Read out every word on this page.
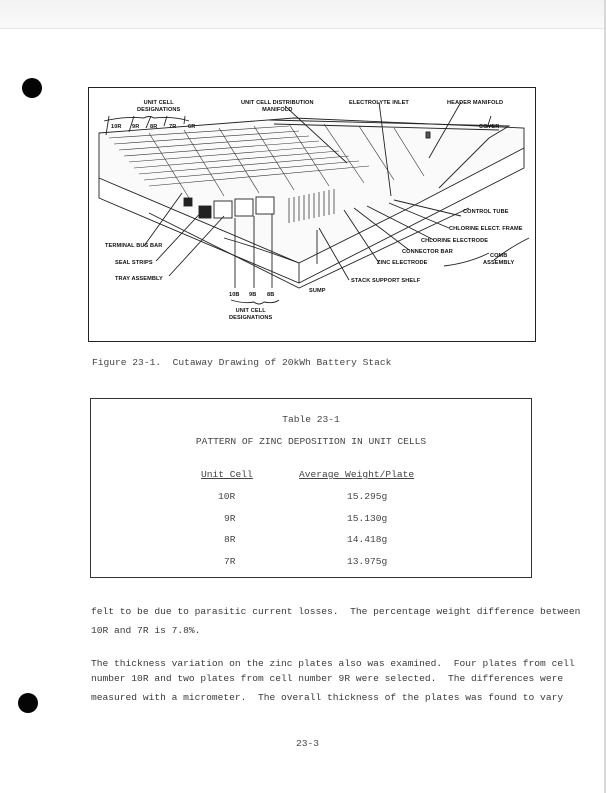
UNIT CELL
DESIGNATIONS
10R 9R 8R 7R 6R
UNIT CELL DISTRIBUTION
MANIFOLD
ELECTROLYTE INLET	HEADER MANIFOLD
COVER
CONTROL TUBE
CHLORINE ELECT. FRAME
CHLORINE ELECTRODE
CONNECTOR BAR
COMB
ASSEMBLY
ZINC ELECTRODE
STACK SUPPORT SHELF
TERMINAL BUS BAR
SEAL STRIPS
TRAY ASSEMBLY
SUMP
10B 9B 8B
UNIT CELL
DESIGNATIONS
Figure 23-1.  Cutaway Drawing of 20kWh Battery Stack
Table 23-1
PATTERN OF ZINC DEPOSITION IN UNIT CELLS
Unit Cell	Average Weight/Plate
10R	15.295g
9R	15.130g
8R	14.418g
7R	13.975g
felt to be due to parasitic current losses.  The percentage weight difference between
10R and 7R is 7.8%.
The thickness variation on the zinc plates also was examined.  Four plates from cell
number 10R and two plates from cell number 9R were selected.  The differences were
measured with a micrometer.  The overall thickness of the plates was found to vary
23-3
